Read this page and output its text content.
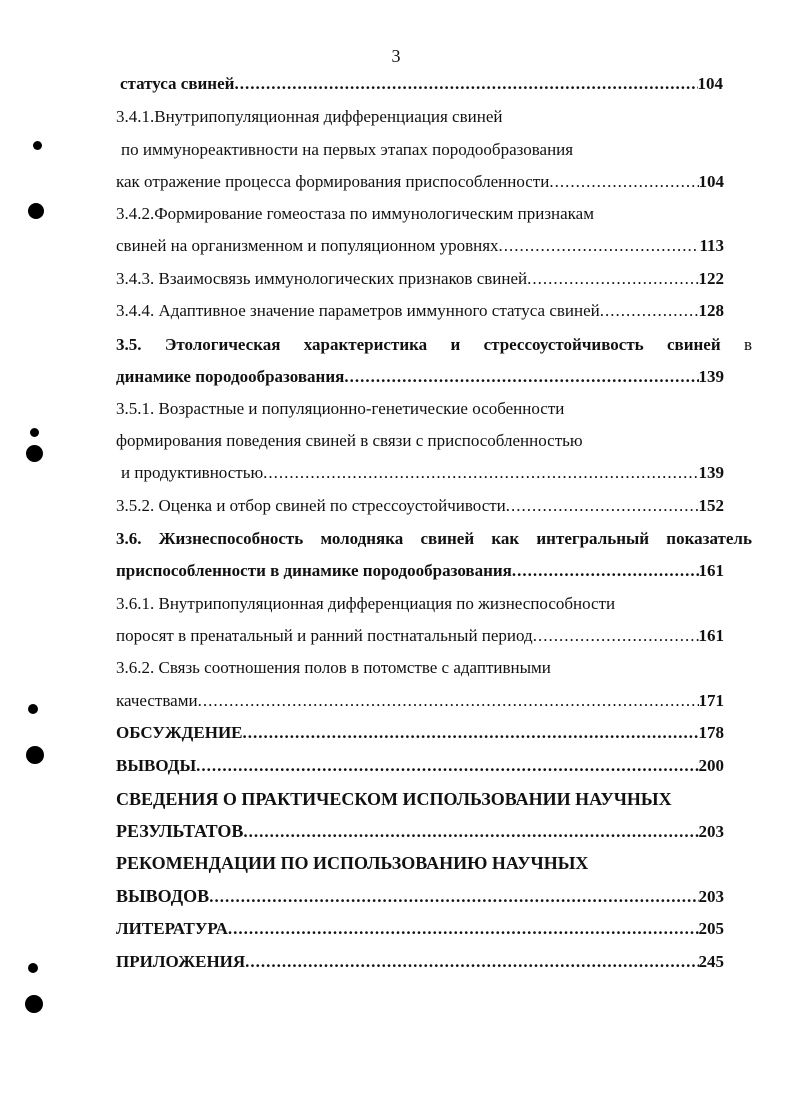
3
статуса свиней .....	104
3.4.1.Внутрипопуляционная дифференциация свиней
по иммунореактивности на первых этапах породообразования
как отражение процесса формирования приспособленности .....	104
3.4.2.Формирование гомеостаза по иммунологическим признакам
свиней на организменном и популяционном уровнях .....	113
3.4.3. Взаимосвязь иммунологических признаков свиней .....	122
3.4.4. Адаптивное значение параметров иммунного статуса свиней .....	128
3.5. Этологическая характеристика и стрессоустойчивость свиней в
динамике породообразования .....	139
3.5.1. Возрастные и популяционно-генетические особенности
формирования поведения свиней в связи с приспособленностью
и продуктивностью .....	139
3.5.2. Оценка и отбор свиней по стрессоустойчивости .....	152
3.6. Жизнеспособность молодняка свиней как интегральный показатель
приспособленности в динамике породообразования .....	161
3.6.1. Внутрипопуляционная дифференциация по жизнеспособности
поросят в пренатальный и ранний постнатальный период .....	161
3.6.2. Связь соотношения полов в потомстве с адаптивными
качествами .....	171
ОБСУЖДЕНИЕ .....	178
ВЫВОДЫ .....	200
СВЕДЕНИЯ О ПРАКТИЧЕСКОМ ИСПОЛЬЗОВАНИИ НАУЧНЫХ
РЕЗУЛЬТАТОВ .....	203
РЕКОМЕНДАЦИИ ПО ИСПОЛЬЗОВАНИЮ НАУЧНЫХ
ВЫВОДОВ .....	203
ЛИТЕРАТУРА .....	205
ПРИЛОЖЕНИЯ .....	245
